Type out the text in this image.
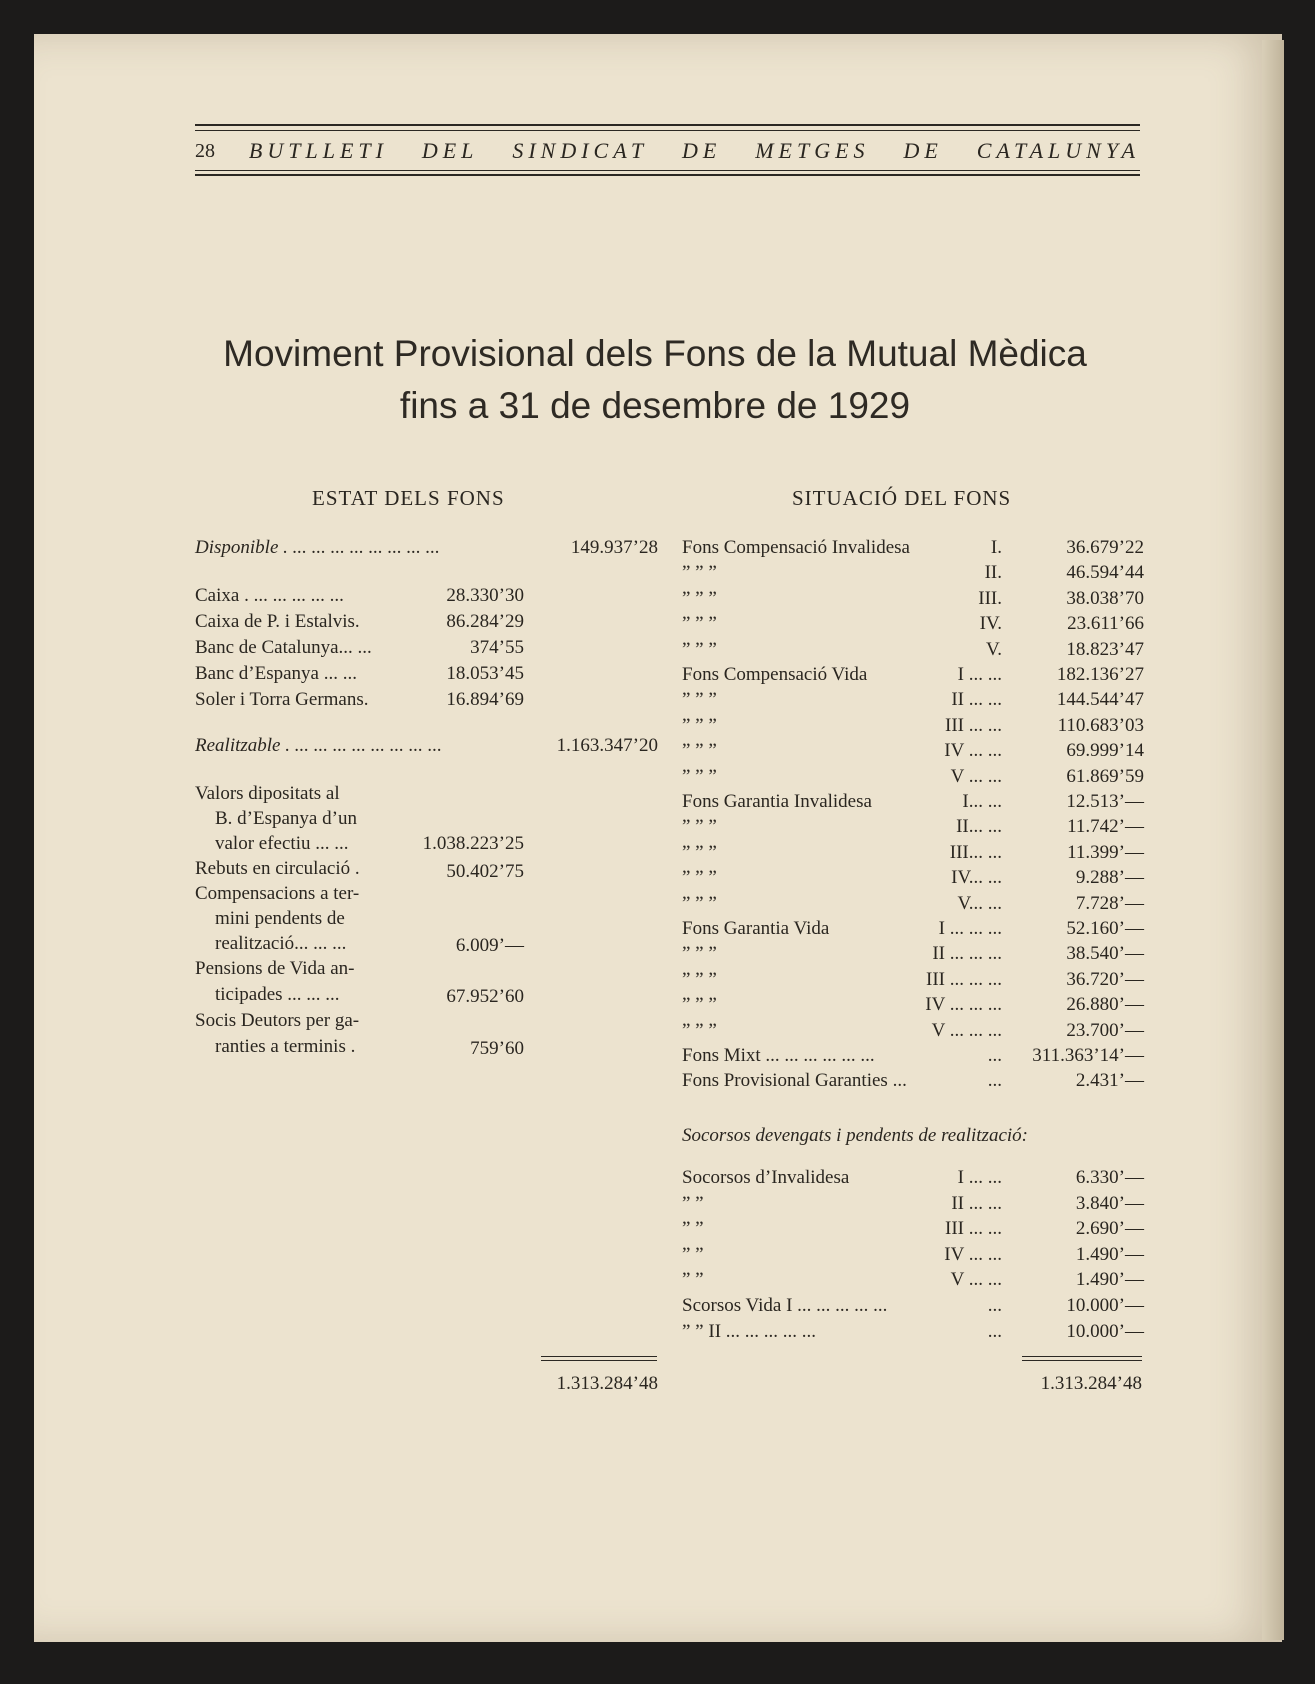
28 BUTLLETI DEL SINDICAT DE METGES DE CATALUNYA
Moviment Provisional dels Fons de la Mutual Mèdica
fins a 31 de desembre de 1929
ESTAT DELS FONS	SITUACIÓ DEL FONS
Disponible . ... ... ... ... ... ... ... ...	149.937’28
Caixa . ... ... ... ... ...	28.330’30
Caixa de P. i Estalvis.	86.284’29
Banc de Catalunya... ...	374’55
Banc d’Espanya ... ...	18.053’45
Soler i Torra Germans.	16.894’69
Realitzable . ... ... ... ... ... ... ... ...	1.163.347’20
Valors dipositats al
B. d’Espanya d’un
valor efectiu ... ...	1.038.223’25
Rebuts en circulació .	50.402’75
Compensacions a ter-
mini pendents de
realització... ... ...	6.009’—
Pensions de Vida an-
ticipades ... ... ...	67.952’60
Socis Deutors per ga-
ranties a terminis .	759’60
1.313.284’48
Fons Compensació Invalidesa	I.	36.679’22
” ” ”	II.	46.594’44
” ” ”	III.	38.038’70
” ” ”	IV.	23.611’66
” ” ”	V.	18.823’47
Fons Compensació Vida	I ... ...	182.136’27
” ” ”	II ... ...	144.544’47
” ” ”	III ... ...	110.683’03
” ” ”	IV ... ...	69.999’14
” ” ”	V ... ...	61.869’59
Fons Garantia Invalidesa	I... ...	12.513’—
” ” ”	II... ...	11.742’—
” ” ”	III... ...	11.399’—
” ” ”	IV... ...	9.288’—
” ” ”	V... ...	7.728’—
Fons Garantia Vida	I ... ... ...	52.160’—
” ” ”	II ... ... ...	38.540’—
” ” ”	III ... ... ...	36.720’—
” ” ”	IV ... ... ...	26.880’—
” ” ”	V ... ... ...	23.700’—
Fons Mixt ... ... ... ... ... ...	...	311.363’14’—
Fons Provisional Garanties ...	...	2.431’—
Socorsos devengats i pendents de realització:
Socorsos d’Invalidesa	I ... ...	6.330’—
” ”	II ... ...	3.840’—
” ”	III ... ...	2.690’—
” ”	IV ... ...	1.490’—
” ”	V ... ...	1.490’—
Scorsos Vida I ... ... ... ... ...	...	10.000’—
” ” II ... ... ... ... ...	...	10.000’—
1.313.284’48
